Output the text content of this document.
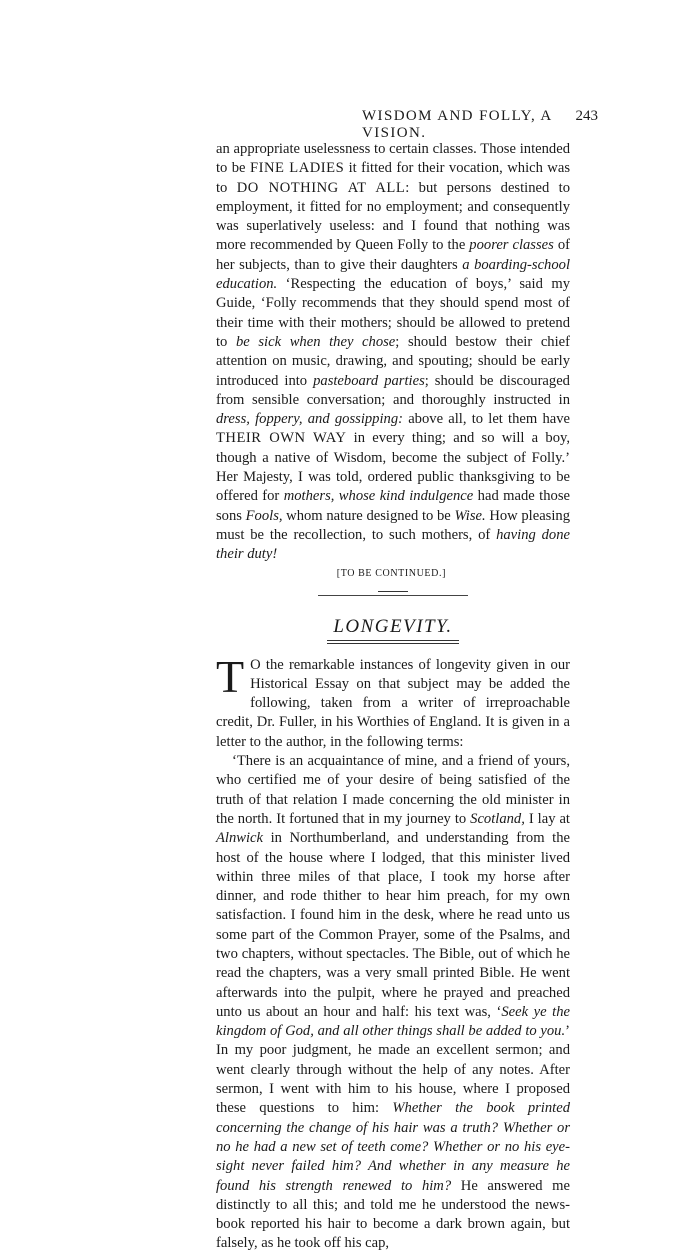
WISDOM AND FOLLY, A VISION.
243

an appropriate uselessness to certain classes. Those intended to be FINE LADIES it fitted for their vocation, which was to DO NOTHING AT ALL: but persons destined to employment, it fitted for no employment; and consequently was superlatively useless: and I found that nothing was more recommended by Queen Folly to the poorer classes of her subjects, than to give their daughters a boarding-school education. ‘Respecting the education of boys,’ said my Guide, ‘Folly recommends that they should spend most of their time with their mothers; should be allowed to pretend to be sick when they chose; should bestow their chief attention on music, drawing, and spouting; should be early introduced into pasteboard parties; should be discouraged from sensible conversation; and thoroughly instructed in dress, foppery, and gossipping: above all, to let them have THEIR OWN WAY in every thing; and so will a boy, though a native of Wisdom, become the subject of Folly.’ Her Majesty, I was told, ordered public thanksgiving to be offered for mothers, whose kind indulgence had made those sons Fools, whom nature designed to be Wise. How pleasing must be the recollection, to such mothers, of having done their duty!

[TO BE CONTINUED.]
LONGEVITY.

T O the remarkable instances of longevity given in our Historical Essay on that subject may be added the following, taken from a writer of irreproachable credit, Dr. Fuller, in his Worthies of England. It is given in a letter to the author, in the following terms:

‘There is an acquaintance of mine, and a friend of yours, who certified me of your desire of being satisfied of the truth of that relation I made concerning the old minister in the north. It fortuned that in my journey to Scotland, I lay at Alnwick in Northumberland, and understanding from the host of the house where I lodged, that this minister lived within three miles of that place, I took my horse after dinner, and rode thither to hear him preach, for my own satisfaction. I found him in the desk, where he read unto us some part of the Common Prayer, some of the Psalms, and two chapters, without spectacles. The Bible, out of which he read the chapters, was a very small printed Bible. He went afterwards into the pulpit, where he prayed and preached unto us about an hour and half: his text was, ‘Seek ye the kingdom of God, and all other things shall be added to you.’ In my poor judgment, he made an excellent sermon; and went clearly through without the help of any notes. After sermon, I went with him to his house, where I proposed these questions to him: Whether the book printed concerning the change of his hair was a truth? Whether or no he had a new set of teeth come? Whether or no his eye-sight never failed him? And whether in any measure he found his strength renewed to him? He answered me distinctly to all this; and told me he understood the news-book reported his hair to become a dark brown again, but falsely, as he took off his cap,
